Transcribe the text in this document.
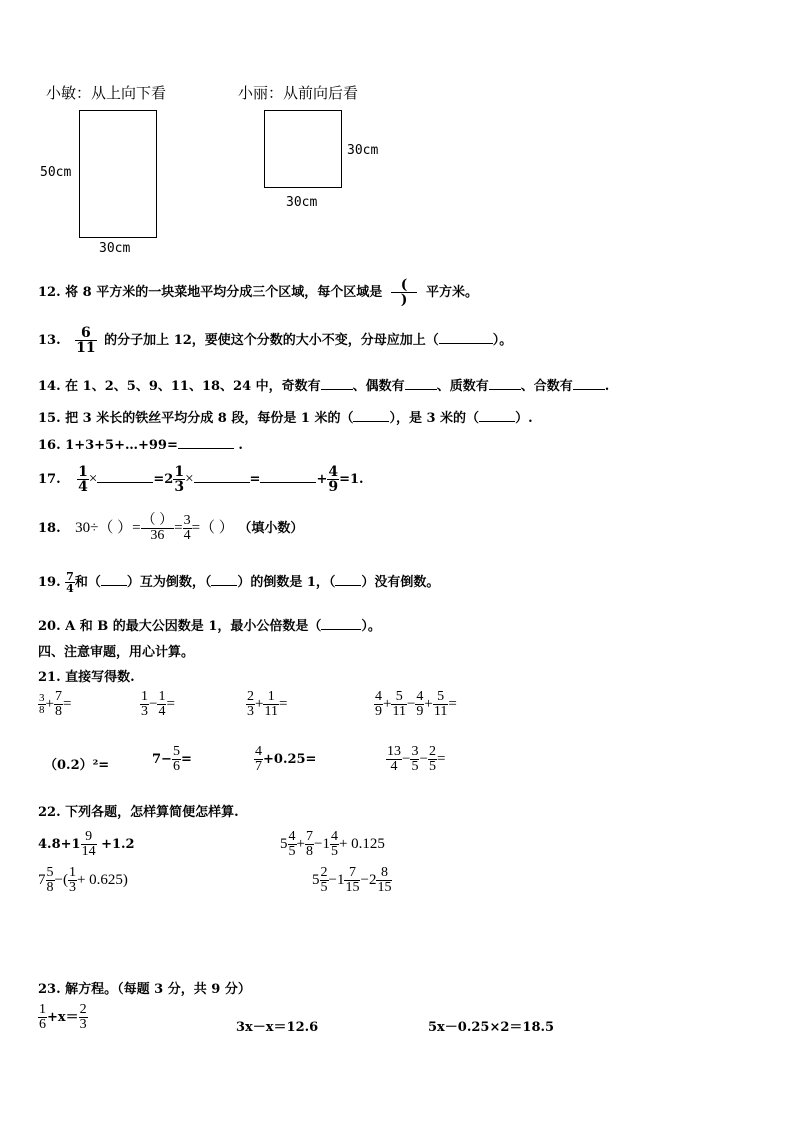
小敏：从上向下看	小丽：从前向后看
50cm
30cm
30cm
30cm
12. 将 8 平方米的一块菜地平均分成三个区域，每个区域是 $\frac{(}{)}$ 平方米。
13. $\frac{6}{11}$ 的分子加上 12，要使这个分数的大小不变，分母应加上（	）。
14. 在 1、2、5、9、11、18、24 中，奇数有 、偶数有 、质数有 、合数有 .
15. 把 3 米长的铁丝平均分成 8 段，每份是 1 米的（	），是 3 米的（	）.
16. 1+3+5+…+99=	.
17. $\frac{1}{4}$ ×	$=2 \frac{1}{3}$ ×	=	+ $\frac{4}{9} =1$.
18. 30÷（ ）= $\frac{( )}{36} = \frac{3}{4}$ =（ ） （填小数）
19. $\frac{7}{4}$ 和（ ）互为倒数，（ ）的倒数是 1，（ ）没有倒数。
20. A 和 B 的最大公因数是 1，最小公倍数是（	）。
四、注意审题，用心计算。
21. 直接写得数.
$\frac{3}{8} + \frac{7}{8}$ =	$\frac{1}{3} - \frac{1}{4}$ =	$\frac{2}{3} + \frac{1}{11}$ =	$\frac{4}{9} + \frac{5}{11} - \frac{4}{9} + \frac{5}{11}$ =
（0.2）²=	$7- \frac{5}{6}$ =	$\frac{4}{7} +0.25=$	$\frac{13}{4} - \frac{3}{5} - \frac{2}{5}$ =
22. 下列各题，怎样算简便怎样算.
$4.8+1 \frac{9}{14} +1.2$	$5 \frac{4}{5} + \frac{7}{8} -1 \frac{4}{5} + 0.125$
$7 \frac{5}{8}$ −( $\frac{1}{3} + 0.625$)	$5 \frac{2}{5} -1 \frac{7}{15} -2 \frac{8}{15}$
23. 解方程。（每题 3 分，共 9 分）
$\frac{1}{6} +x= \frac{2}{3}$	3x－x＝12.6	5x－0.25×2＝18.5
